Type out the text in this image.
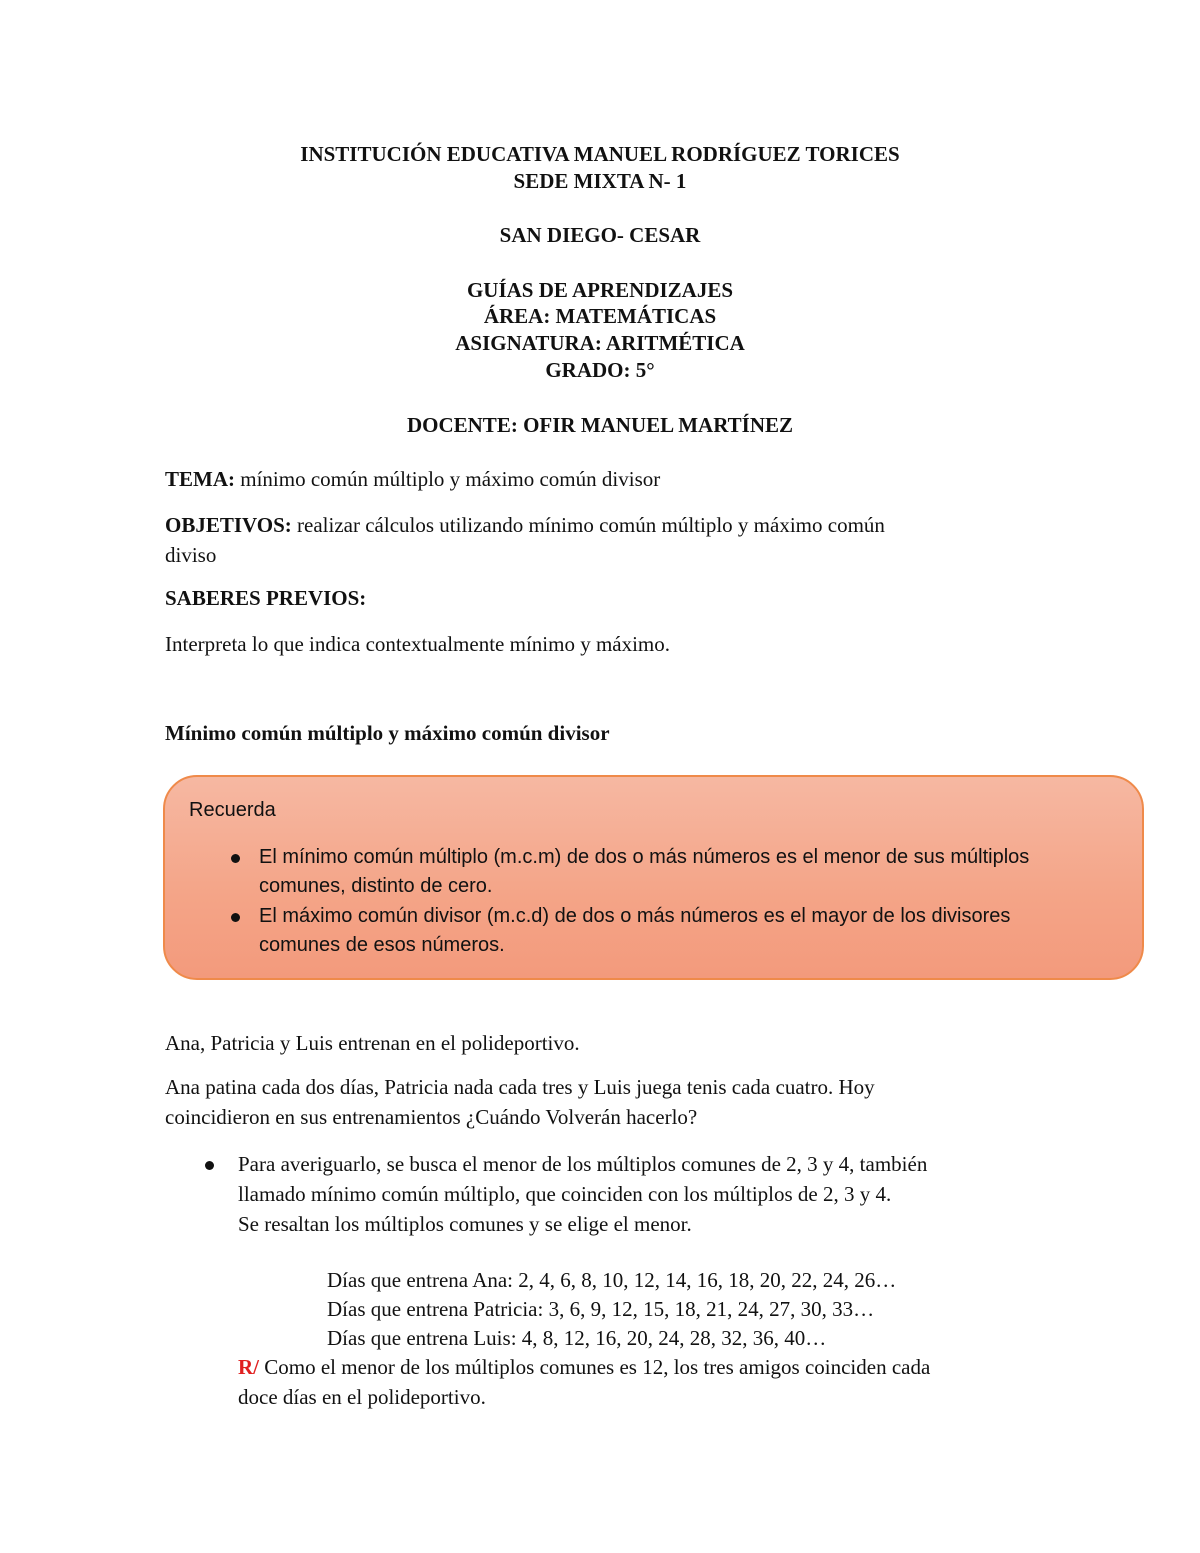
INSTITUCIÓN EDUCATIVA MANUEL RODRÍGUEZ TORICES

SEDE MIXTA N- 1

SAN DIEGO- CESAR

GUÍAS DE APRENDIZAJES

ÁREA: MATEMÁTICAS

ASIGNATURA: ARITMÉTICA

GRADO: 5°

DOCENTE: OFIR MANUEL MARTÍNEZ

TEMA: mínimo común múltiplo y máximo común divisor

OBJETIVOS: realizar cálculos utilizando mínimo común múltiplo y máximo común
diviso

SABERES PREVIOS:

Interpreta lo que indica contextualmente mínimo y máximo.

Mínimo común múltiplo y máximo común divisor

Recuerda

El mínimo común múltiplo (m.c.m) de dos o más números es el menor de sus múltiplos
comunes, distinto de cero.
El máximo común divisor (m.c.d) de dos o más números es el mayor de los divisores
comunes de esos números.

Ana, Patricia y Luis entrenan en el polideportivo.

Ana patina cada dos días, Patricia nada cada tres y Luis juega tenis cada cuatro. Hoy
coincidieron en sus entrenamientos ¿Cuándo Volverán hacerlo?

Para averiguarlo, se busca el menor de los múltiplos comunes de 2, 3 y 4, también

llamado mínimo común múltiplo, que coinciden con los múltiplos de 2, 3 y 4.

Se resaltan los múltiplos comunes y se elige el menor.

Días que entrena Ana: 2, 4, 6, 8, 10, 12, 14, 16, 18, 20, 22, 24, 26…

Días que entrena Patricia: 3, 6, 9, 12, 15, 18, 21, 24, 27, 30, 33…

Días que entrena Luis: 4, 8, 12, 16, 20, 24, 28, 32, 36, 40…

R/ Como el menor de los múltiplos comunes es 12, los tres amigos coinciden cada
doce días en el polideportivo.
